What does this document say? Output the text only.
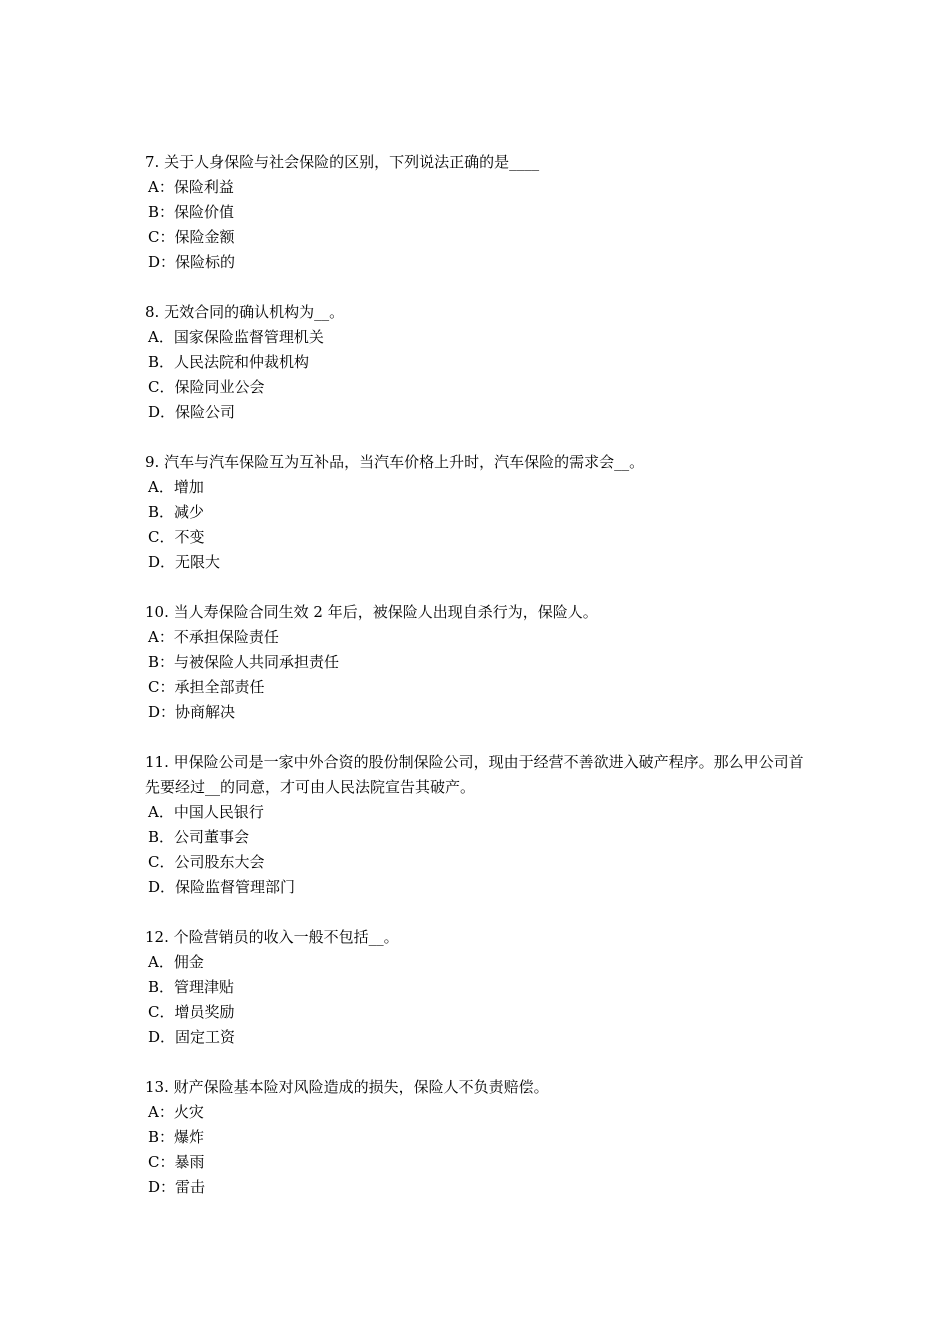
7. 关于人身保险与社会保险的区别，下列说法正确的是____

A：保险利益
B：保险价值
C：保险金额
D：保险标的

8. 无效合同的确认机构为__。

A．国家保险监督管理机关
B．人民法院和仲裁机构
C．保险同业公会
D．保险公司

9. 汽车与汽车保险互为互补品，当汽车价格上升时，汽车保险的需求会__。

A．增加
B．减少
C．不变
D．无限大

10. 当人寿保险合同生效 2 年后，被保险人出现自杀行为，保险人。

A：不承担保险责任
B：与被保险人共同承担责任
C：承担全部责任
D：协商解决

11. 甲保险公司是一家中外合资的股份制保险公司，现由于经营不善欲进入破产程序。那么甲公司首先要经过__的同意，才可由人民法院宣告其破产。

A．中国人民银行
B．公司董事会
C．公司股东大会
D．保险监督管理部门

12. 个险营销员的收入一般不包括__。

A．佣金
B．管理津贴
C．增员奖励
D．固定工资

13. 财产保险基本险对风险造成的损失，保险人不负责赔偿。

A：火灾
B：爆炸
C：暴雨
D：雷击
